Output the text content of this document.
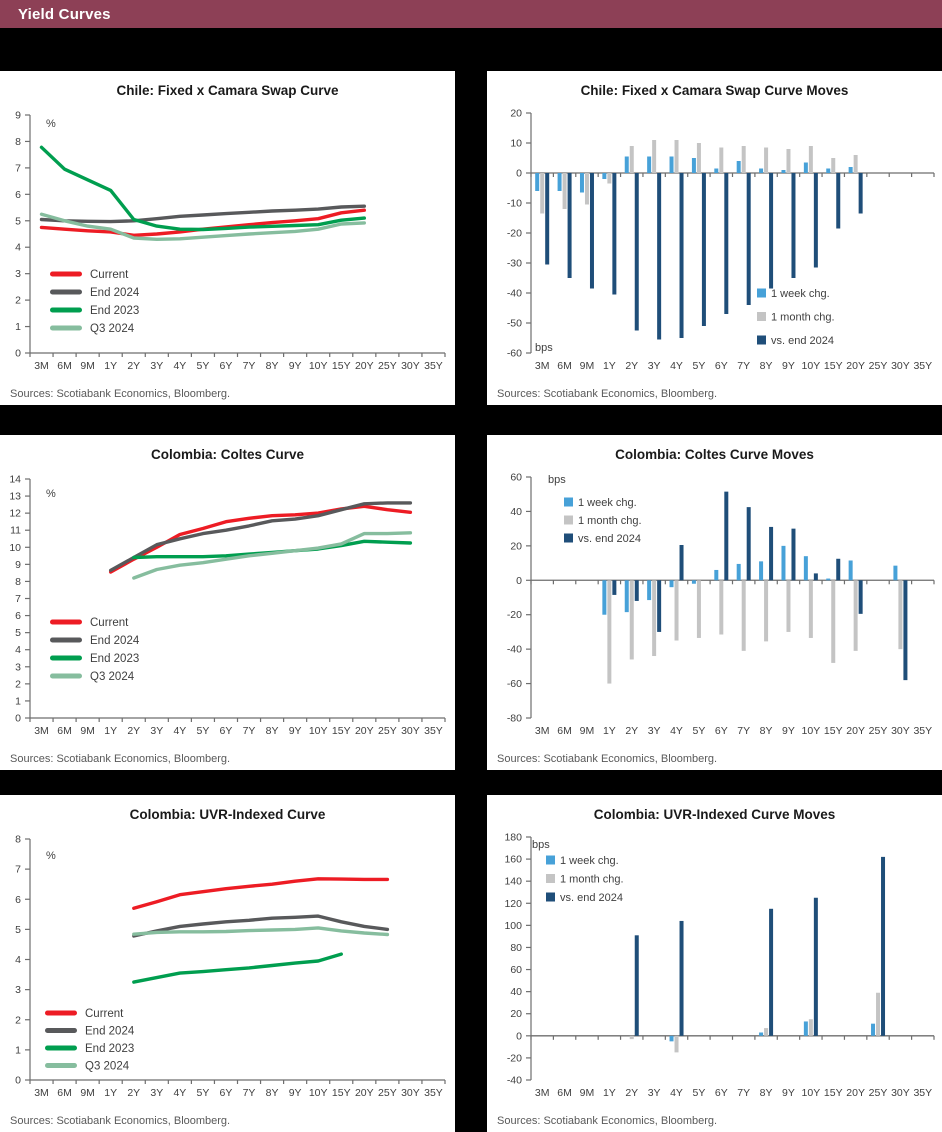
Yield Curves
Chile: Fixed x Camara Swap Curve
0
1
2
3
4
5
6
7
8
9
3M 6M 9M 1Y 2Y 3Y 4Y 5Y 6Y 7Y 8Y 9Y 10Y 15Y 20Y 25Y 30Y 35Y
%
Current
End 2024
End 2023
Q3 2024
Sources: Scotiabank Economics, Bloomberg.
Chile: Fixed x Camara Swap Curve Moves
-60
-50
-40
-30
-20
-10
0
10
20
3M 6M 9M 1Y 2Y 3Y 4Y 5Y 6Y 7Y 8Y 9Y 10Y 15Y 20Y 25Y 30Y 35Y
bps
1 week chg.
1 month chg.
vs. end 2024
Sources: Scotiabank Economics, Bloomberg.
Colombia: Coltes Curve
0
1
2
3
4
5
6
7
8
9
10
11
12
13
14
3M 6M 9M 1Y 2Y 3Y 4Y 5Y 6Y 7Y 8Y 9Y 10Y 15Y 20Y 25Y 30Y 35Y
%
Current
End 2024
End 2023
Q3 2024
Sources: Scotiabank Economics, Bloomberg.
Colombia: Coltes Curve Moves
-80
-60
-40
-20
0
20
40
60
3M 6M 9M 1Y 2Y 3Y 4Y 5Y 6Y 7Y 8Y 9Y 10Y 15Y 20Y 25Y 30Y 35Y
bps
1 week chg.
1 month chg.
vs. end 2024
Sources: Scotiabank Economics, Bloomberg.
Colombia: UVR-Indexed Curve
0
1
2
3
4
5
6
7
8
3M 6M 9M 1Y 2Y 3Y 4Y 5Y 6Y 7Y 8Y 9Y 10Y 15Y 20Y 25Y 30Y 35Y
%
Current
End 2024
End 2023
Q3 2024
Sources: Scotiabank Economics, Bloomberg.
Colombia: UVR-Indexed Curve Moves
-40
-20
0
20
40
60
80
100
120
140
160
180
3M 6M 9M 1Y 2Y 3Y 4Y 5Y 6Y 7Y 8Y 9Y 10Y 15Y 20Y 25Y 30Y 35Y
bps
1 week chg.
1 month chg.
vs. end 2024
Sources: Scotiabank Economics, Bloomberg.
